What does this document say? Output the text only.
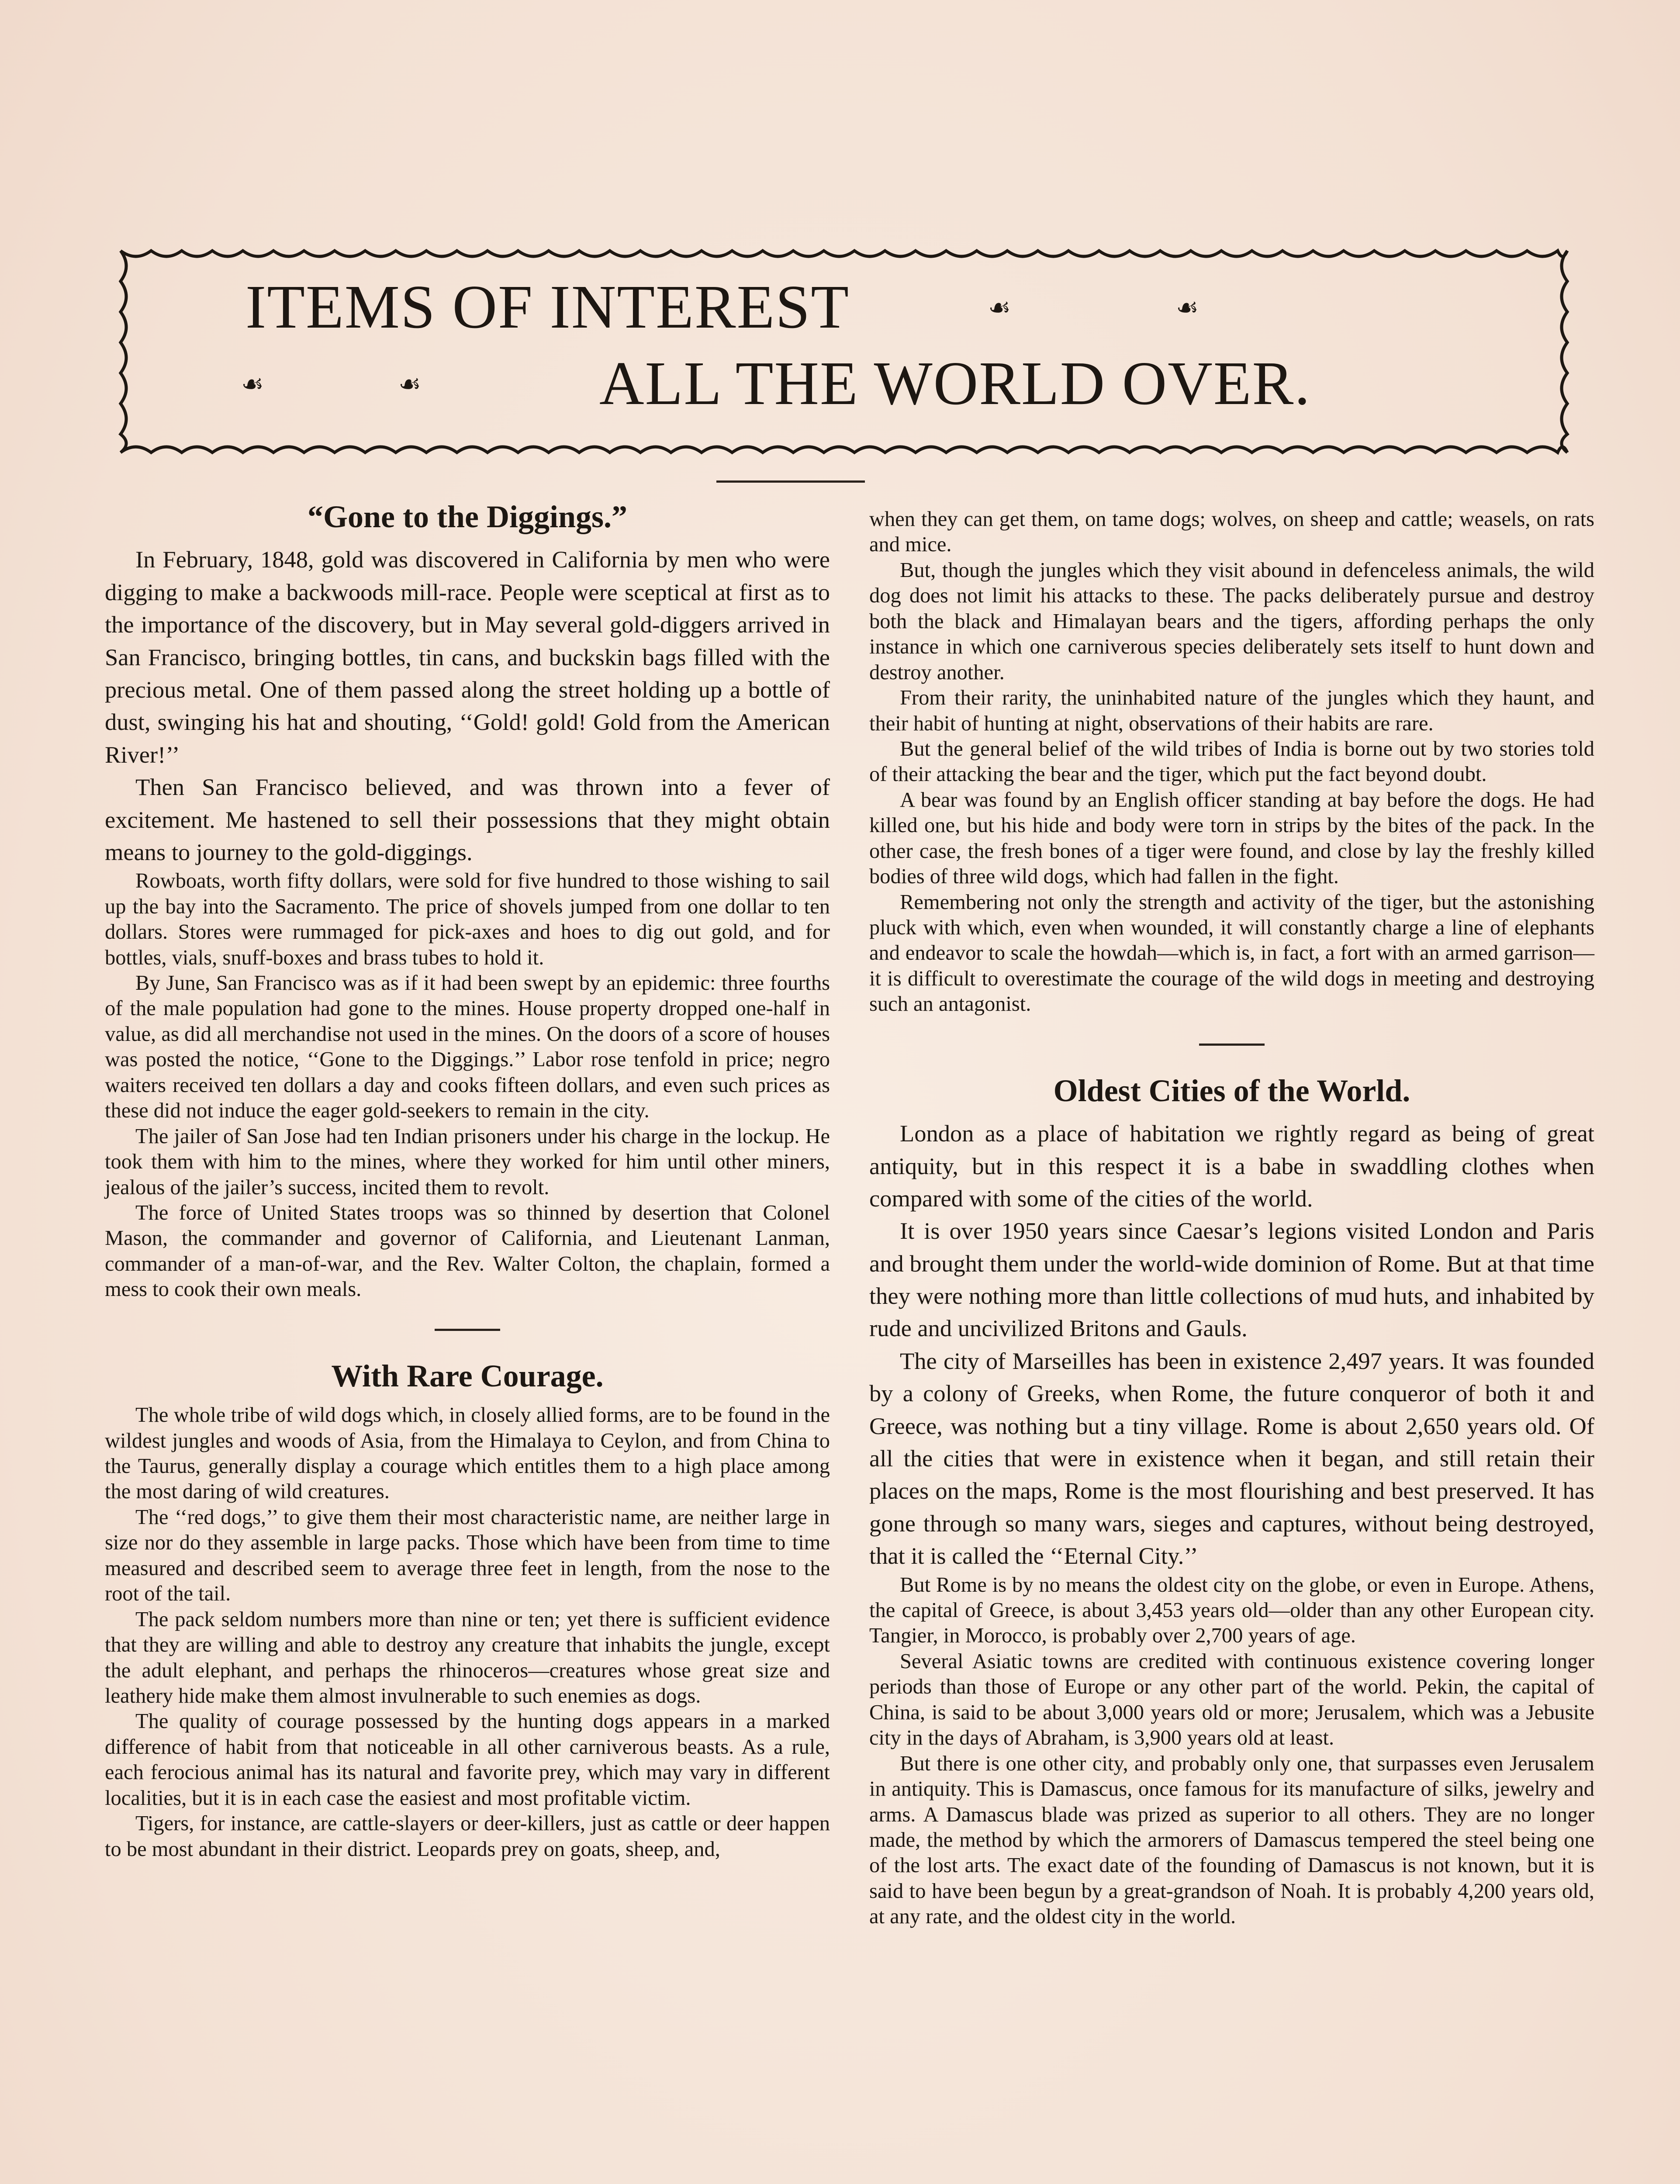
ITEMS OF INTEREST
ALL THE WORLD OVER.
☙	☙
☙	☙
“Gone to the Diggings.”

In February, 1848, gold was discovered in California by men who were digging to make a backwoods mill-race. People were sceptical at first as to the importance of the discovery, but in May several gold-diggers arrived in San Francisco, bringing bottles, tin cans, and buckskin bags filled with the precious metal. One of them passed along the street holding up a bottle of dust, swinging his hat and shouting, ‘‘Gold! gold! Gold from the American River!’’

Then San Francisco believed, and was thrown into a fever of excitement. Me hastened to sell their possessions that they might obtain means to journey to the gold-diggings.

Rowboats, worth fifty dollars, were sold for five hundred to those wishing to sail up the bay into the Sacramento. The price of shovels jumped from one dollar to ten dollars. Stores were rummaged for pick-axes and hoes to dig out gold, and for bottles, vials, snuff-boxes and brass tubes to hold it.

By June, San Francisco was as if it had been swept by an epidemic: three fourths of the male population had gone to the mines. House property dropped one-half in value, as did all merchandise not used in the mines. On the doors of a score of houses was posted the notice, ‘‘Gone to the Diggings.’’ Labor rose tenfold in price; negro waiters received ten dollars a day and cooks fifteen dollars, and even such prices as these did not induce the eager gold-seekers to remain in the city.

The jailer of San Jose had ten Indian prisoners under his charge in the lockup. He took them with him to the mines, where they worked for him until other miners, jealous of the jailer’s success, incited them to revolt.

The force of United States troops was so thinned by desertion that Colonel Mason, the commander and governor of California, and Lieutenant Lanman, commander of a man-of-war, and the Rev. Walter Colton, the chaplain, formed a mess to cook their own meals.

With Rare Courage.

The whole tribe of wild dogs which, in closely allied forms, are to be found in the wildest jungles and woods of Asia, from the Himalaya to Ceylon, and from China to the Taurus, generally display a courage which entitles them to a high place among the most daring of wild creatures.

The ‘‘red dogs,’’ to give them their most characteristic name, are neither large in size nor do they assemble in large packs. Those which have been from time to time measured and described seem to average three feet in length, from the nose to the root of the tail.

The pack seldom numbers more than nine or ten; yet there is sufficient evidence that they are willing and able to destroy any creature that inhabits the jungle, except the adult elephant, and perhaps the rhinoceros—creatures whose great size and leathery hide make them almost invulnerable to such enemies as dogs.

The quality of courage possessed by the hunting dogs appears in a marked difference of habit from that noticeable in all other carniverous beasts. As a rule, each ferocious animal has its natural and favorite prey, which may vary in different localities, but it is in each case the easiest and most profitable victim.

Tigers, for instance, are cattle-slayers or deer-killers, just as cattle or deer happen to be most abundant in their district. Leopards prey on goats, sheep, and,

when they can get them, on tame dogs; wolves, on sheep and cattle; weasels, on rats and mice.

But, though the jungles which they visit abound in defenceless animals, the wild dog does not limit his attacks to these. The packs deliberately pursue and destroy both the black and Himalayan bears and the tigers, affording perhaps the only instance in which one carniverous species deliberately sets itself to hunt down and destroy another.

From their rarity, the uninhabited nature of the jungles which they haunt, and their habit of hunting at night, observations of their habits are rare.

But the general belief of the wild tribes of India is borne out by two stories told of their attacking the bear and the tiger, which put the fact beyond doubt.

A bear was found by an English officer standing at bay before the dogs. He had killed one, but his hide and body were torn in strips by the bites of the pack. In the other case, the fresh bones of a tiger were found, and close by lay the freshly killed bodies of three wild dogs, which had fallen in the fight.

Remembering not only the strength and activity of the tiger, but the astonishing pluck with which, even when wounded, it will constantly charge a line of elephants and endeavor to scale the howdah—which is, in fact, a fort with an armed garrison—it is difficult to overestimate the courage of the wild dogs in meeting and destroying such an antagonist.

Oldest Cities of the World.

London as a place of habitation we rightly regard as being of great antiquity, but in this respect it is a babe in swaddling clothes when compared with some of the cities of the world.

It is over 1950 years since Caesar’s legions visited London and Paris and brought them under the world-wide dominion of Rome. But at that time they were nothing more than little collections of mud huts, and inhabited by rude and uncivilized Britons and Gauls.

The city of Marseilles has been in existence 2,497 years. It was founded by a colony of Greeks, when Rome, the future conqueror of both it and Greece, was nothing but a tiny village. Rome is about 2,650 years old. Of all the cities that were in existence when it began, and still retain their places on the maps, Rome is the most flourishing and best preserved. It has gone through so many wars, sieges and captures, without being destroyed, that it is called the ‘‘Eternal City.’’

But Rome is by no means the oldest city on the globe, or even in Europe. Athens, the capital of Greece, is about 3,453 years old—older than any other European city. Tangier, in Morocco, is probably over 2,700 years of age.

Several Asiatic towns are credited with continuous existence covering longer periods than those of Europe or any other part of the world. Pekin, the capital of China, is said to be about 3,000 years old or more; Jerusalem, which was a Jebusite city in the days of Abraham, is 3,900 years old at least.

But there is one other city, and probably only one, that surpasses even Jerusalem in antiquity. This is Damascus, once famous for its manufacture of silks, jewelry and arms. A Damascus blade was prized as superior to all others. They are no longer made, the method by which the armorers of Damascus tempered the steel being one of the lost arts. The exact date of the founding of Damascus is not known, but it is said to have been begun by a great-grandson of Noah. It is probably 4,200 years old, at any rate, and the oldest city in the world.
